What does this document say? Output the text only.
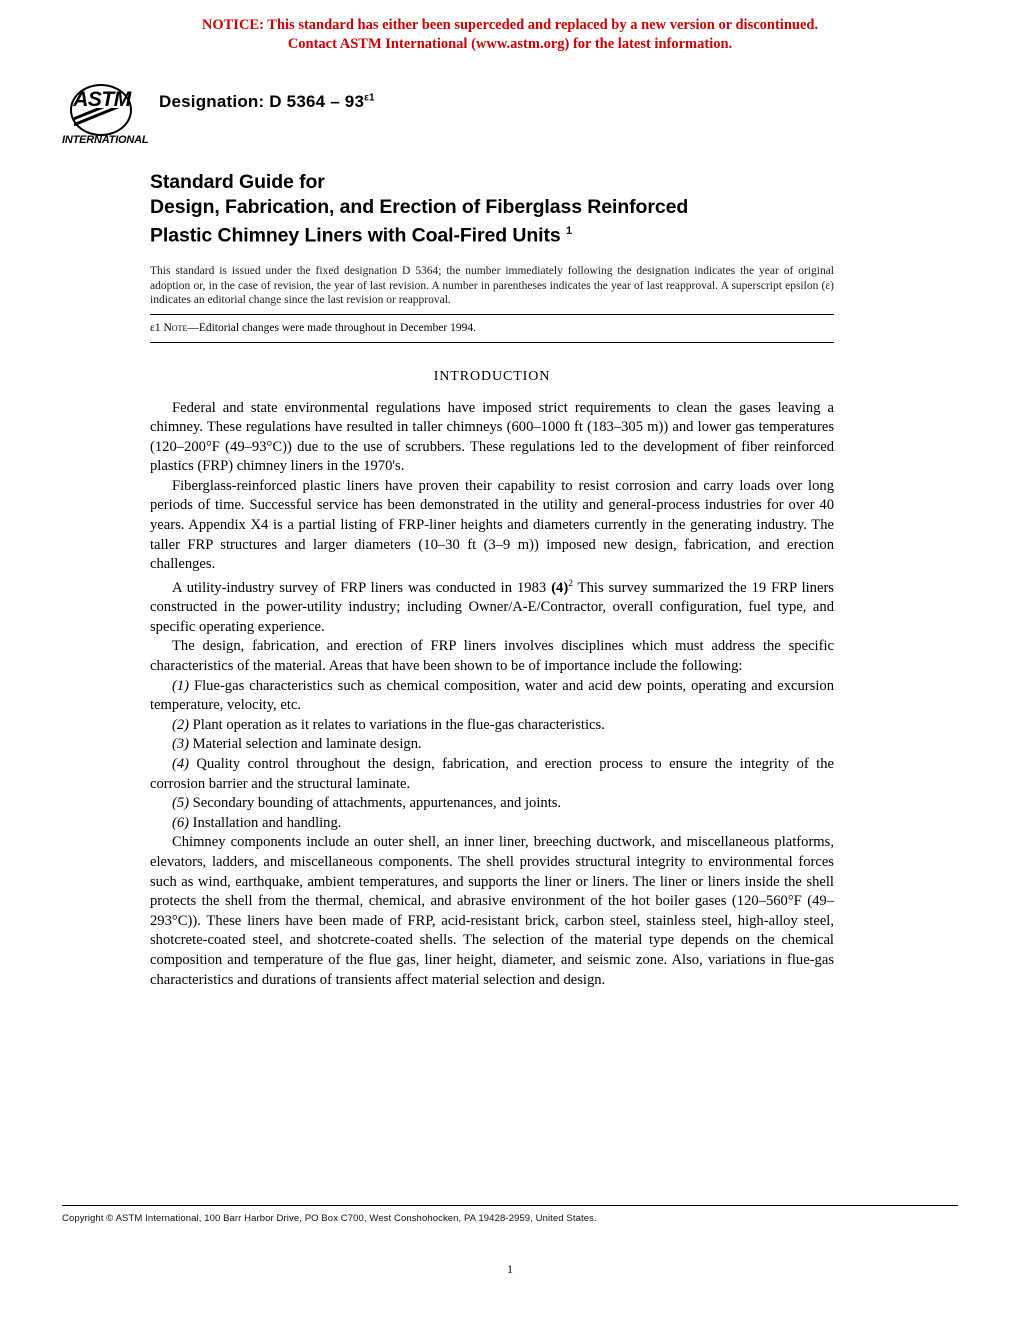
NOTICE: This standard has either been superceded and replaced by a new version or discontinued.
Contact ASTM International (www.astm.org) for the latest information.
ASTM
INTERNATIONAL
Designation: D $5364 - 93^{\varepsilon 1}$
Standard Guide for
Design, Fabrication, and Erection of Fiberglass Reinforced
Plastic Chimney Liners with Coal-Fired Units $^1$

This standard is issued under the fixed designation D 5364; the number immediately following the designation indicates the year of original adoption or, in the case of revision, the year of last revision. A number in parentheses indicates the year of last reapproval. A superscript epsilon (ε) indicates an editorial change since the last revision or reapproval.

ε1 Note—Editorial changes were made throughout in December 1994.

INTRODUCTION

Federal and state environmental regulations have imposed strict requirements to clean the gases leaving a chimney. These regulations have resulted in taller chimneys (600–1000 ft (183–305 m)) and lower gas temperatures (120–200°F (49–93°C)) due to the use of scrubbers. These regulations led to the development of fiber reinforced plastics (FRP) chimney liners in the 1970's.

Fiberglass-reinforced plastic liners have proven their capability to resist corrosion and carry loads over long periods of time. Successful service has been demonstrated in the utility and general-process industries for over 40 years. Appendix X4 is a partial listing of FRP-liner heights and diameters currently in the generating industry. The taller FRP structures and larger diameters (10–30 ft (3–9 m)) imposed new design, fabrication, and erection challenges.

A utility-industry survey of FRP liners was conducted in 1983 $(4)^2$ This survey summarized the 19 FRP liners constructed in the power-utility industry; including Owner/A-E/Contractor, overall configuration, fuel type, and specific operating experience.

The design, fabrication, and erection of FRP liners involves disciplines which must address the specific characteristics of the material. Areas that have been shown to be of importance include the following:

(1) Flue-gas characteristics such as chemical composition, water and acid dew points, operating and excursion temperature, velocity, etc.

(2) Plant operation as it relates to variations in the flue-gas characteristics.

(3) Material selection and laminate design.

(4) Quality control throughout the design, fabrication, and erection process to ensure the integrity of the corrosion barrier and the structural laminate.

(5) Secondary bounding of attachments, appurtenances, and joints.

(6) Installation and handling.

Chimney components include an outer shell, an inner liner, breeching ductwork, and miscellaneous platforms, elevators, ladders, and miscellaneous components. The shell provides structural integrity to environmental forces such as wind, earthquake, ambient temperatures, and supports the liner or liners. The liner or liners inside the shell protects the shell from the thermal, chemical, and abrasive environment of the hot boiler gases (120–560°F (49–293°C)). These liners have been made of FRP, acid-resistant brick, carbon steel, stainless steel, high-alloy steel, shotcrete-coated steel, and shotcrete-coated shells. The selection of the material type depends on the chemical composition and temperature of the flue gas, liner height, diameter, and seismic zone. Also, variations in flue-gas characteristics and durations of transients affect material selection and design.

Copyright © ASTM International, 100 Barr Harbor Drive, PO Box C700, West Conshohocken, PA 19428-2959, United States.
1
